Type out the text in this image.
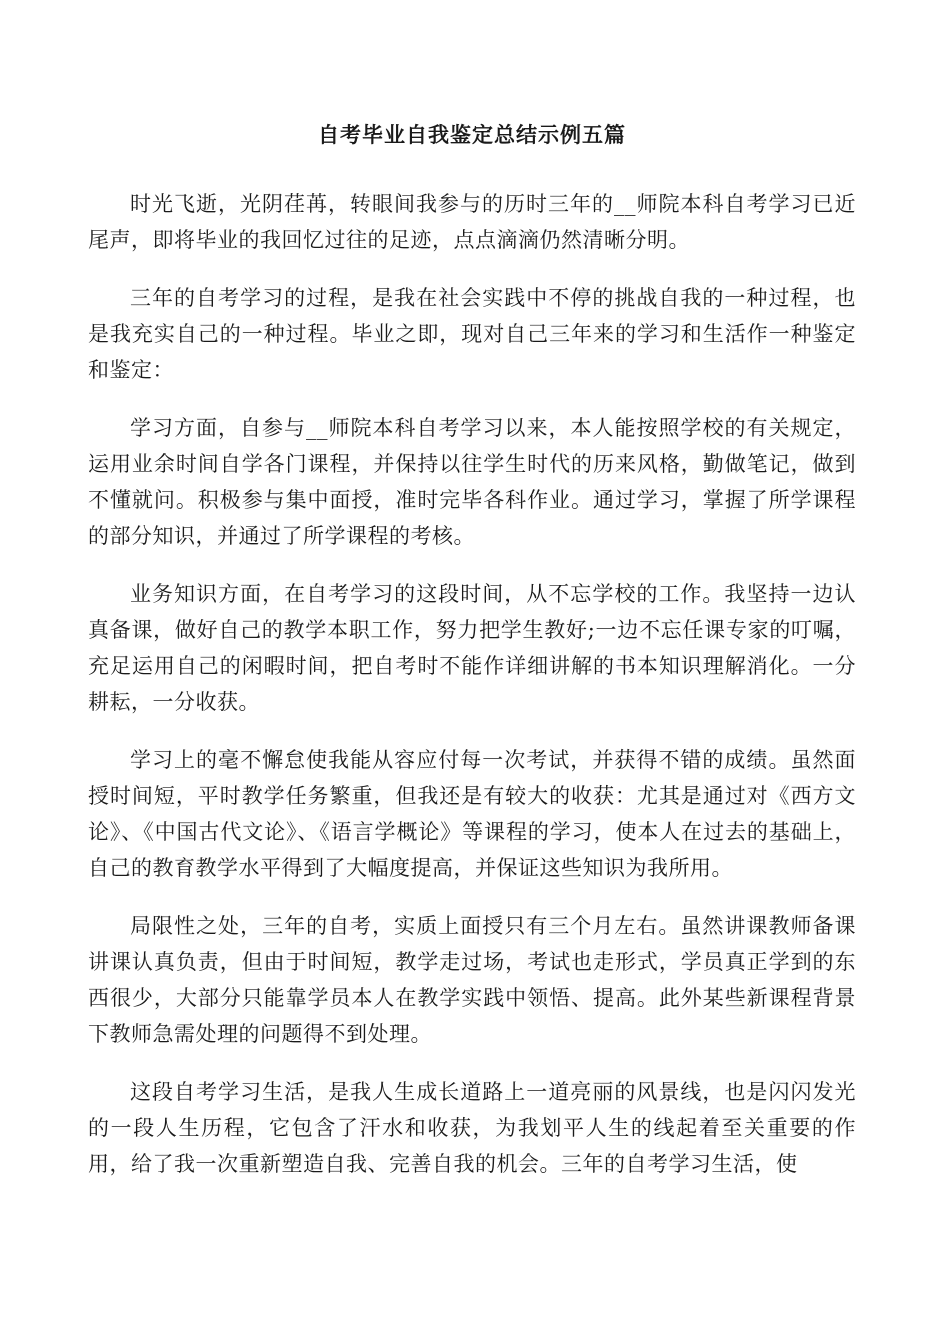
自考毕业自我鉴定总结示例五篇

时光飞逝，光阴荏苒，转眼间我参与的历时三年的__师院本科自考学习已近尾声，即将毕业的我回忆过往的足迹，点点滴滴仍然清晰分明。

三年的自考学习的过程，是我在社会实践中不停的挑战自我的一种过程，也是我充实自己的一种过程。毕业之即，现对自己三年来的学习和生活作一种鉴定和鉴定：

学习方面，自参与__师院本科自考学习以来，本人能按照学校的有关规定，运用业余时间自学各门课程，并保持以往学生时代的历来风格，勤做笔记，做到不懂就问。积极参与集中面授，准时完毕各科作业。通过学习，掌握了所学课程的部分知识，并通过了所学课程的考核。

业务知识方面，在自考学习的这段时间，从不忘学校的工作。我坚持一边认真备课，做好自己的教学本职工作，努力把学生教好;一边不忘任课专家的叮嘱，充足运用自己的闲暇时间，把自考时不能作详细讲解的书本知识理解消化。一分耕耘，一分收获。

学习上的毫不懈怠使我能从容应付每一次考试，并获得不错的成绩。虽然面授时间短，平时教学任务繁重，但我还是有较大的收获：尤其是通过对《西方文论》、《中国古代文论》、《语言学概论》等课程的学习，使本人在过去的基础上，自己的教育教学水平得到了大幅度提高，并保证这些知识为我所用。

局限性之处，三年的自考，实质上面授只有三个月左右。虽然讲课教师备课讲课认真负责，但由于时间短，教学走过场，考试也走形式，学员真正学到的东西很少，大部分只能靠学员本人在教学实践中领悟、提高。此外某些新课程背景下教师急需处理的问题得不到处理。

这段自考学习生活，是我人生成长道路上一道亮丽的风景线，也是闪闪发光的一段人生历程，它包含了汗水和收获，为我划平人生的线起着至关重要的作用，给了我一次重新塑造自我、完善自我的机会。三年的自考学习生活，使
